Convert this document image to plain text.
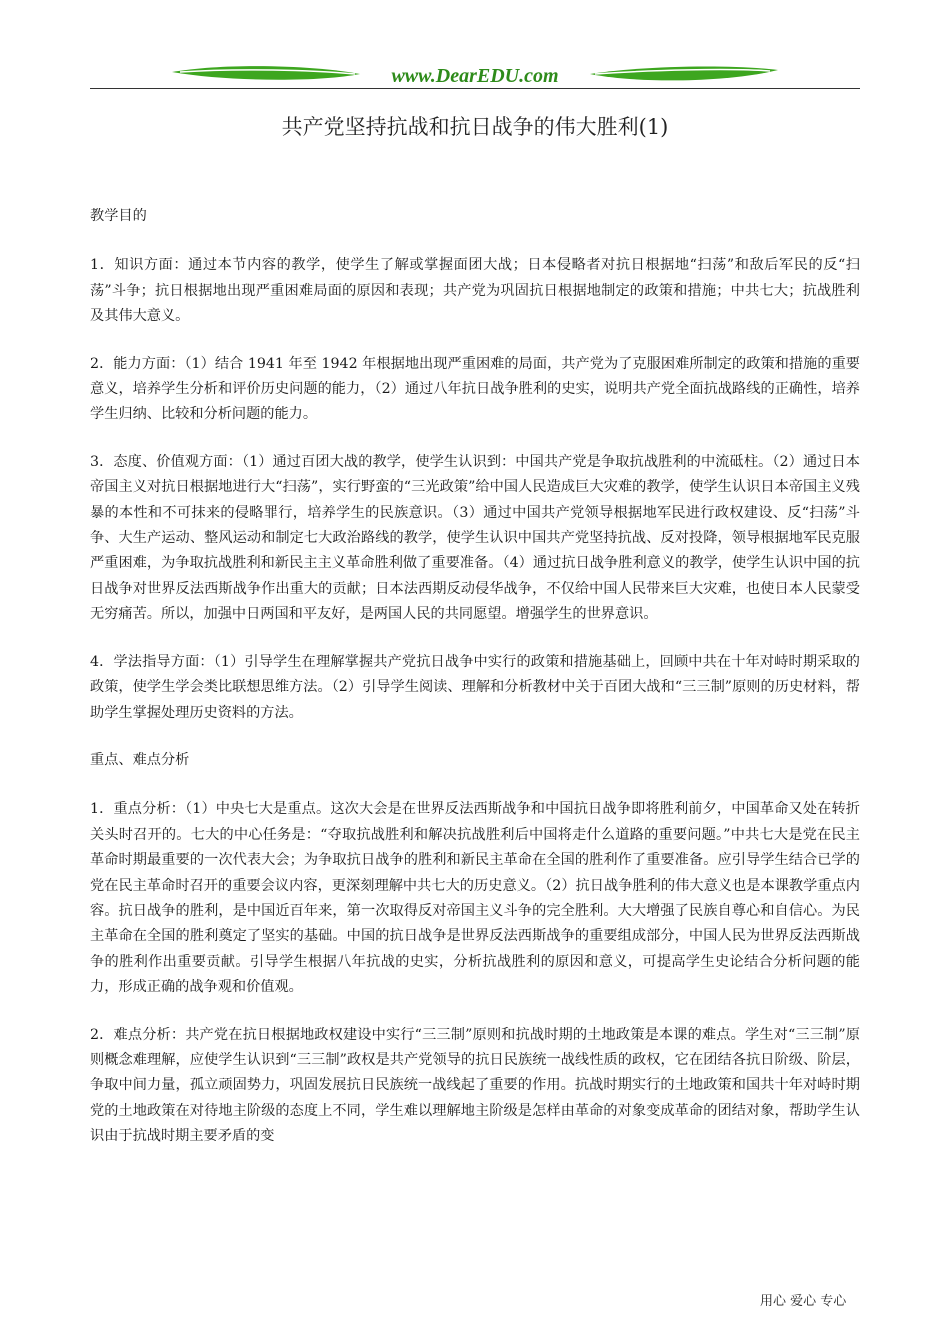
www.DearEDU.com
共产党坚持抗战和抗日战争的伟大胜利(1)

教学目的

1．知识方面：通过本节内容的教学，使学生了解或掌握面团大战；日本侵略者对抗日根据地“扫荡”和敌后军民的反“扫荡”斗争；抗日根据地出现严重困难局面的原因和表现；共产党为巩固抗日根据地制定的政策和措施；中共七大；抗战胜利及其伟大意义。

2．能力方面：（1）结合 1941 年至 1942 年根据地出现严重困难的局面，共产党为了克服困难所制定的政策和措施的重要意义，培养学生分析和评价历史问题的能力，（2）通过八年抗日战争胜利的史实，说明共产党全面抗战路线的正确性，培养学生归纳、比较和分析问题的能力。

3．态度、价值观方面：（1）通过百团大战的教学，使学生认识到：中国共产党是争取抗战胜利的中流砥柱。（2）通过日本帝国主义对抗日根据地进行大“扫荡”，实行野蛮的“三光政策”给中国人民造成巨大灾难的教学，使学生认识日本帝国主义残暴的本性和不可抹来的侵略罪行，培养学生的民族意识。（3）通过中国共产党领导根据地军民进行政权建设、反“扫荡”斗争、大生产运动、整风运动和制定七大政治路线的教学，使学生认识中国共产党坚持抗战、反对投降，领导根据地军民克服严重困难，为争取抗战胜利和新民主主义革命胜利做了重要准备。（4）通过抗日战争胜利意义的教学，使学生认识中国的抗日战争对世界反法西斯战争作出重大的贡献；日本法西期反动侵华战争，不仅给中国人民带来巨大灾难，也使日本人民蒙受无穷痛苦。所以，加强中日两国和平友好，是两国人民的共同愿望。增强学生的世界意识。

4．学法指导方面：（1）引导学生在理解掌握共产党抗日战争中实行的政策和措施基础上，回顾中共在十年对峙时期采取的政策，使学生学会类比联想思维方法。（2）引导学生阅读、理解和分析教材中关于百团大战和“三三制”原则的历史材料，帮助学生掌握处理历史资料的方法。

重点、难点分析

1．重点分析：（1）中央七大是重点。这次大会是在世界反法西斯战争和中国抗日战争即将胜利前夕，中国革命又处在转折关头时召开的。七大的中心任务是：“夺取抗战胜利和解决抗战胜利后中国将走什么道路的重要问题。”中共七大是党在民主革命时期最重要的一次代表大会；为争取抗日战争的胜利和新民主革命在全国的胜利作了重要准备。应引导学生结合已学的党在民主革命时召开的重要会议内容，更深刻理解中共七大的历史意义。（2）抗日战争胜利的伟大意义也是本课教学重点内容。抗日战争的胜利，是中国近百年来，第一次取得反对帝国主义斗争的完全胜利。大大增强了民族自尊心和自信心。为民主革命在全国的胜利奠定了坚实的基础。中国的抗日战争是世界反法西斯战争的重要组成部分，中国人民为世界反法西斯战争的胜利作出重要贡献。引导学生根据八年抗战的史实，分析抗战胜利的原因和意义，可提高学生史论结合分析问题的能力，形成正确的战争观和价值观。

2．难点分析：共产党在抗日根据地政权建设中实行“三三制”原则和抗战时期的土地政策是本课的难点。学生对“三三制”原则概念难理解，应使学生认识到“三三制”政权是共产党领导的抗日民族统一战线性质的政权，它在团结各抗日阶级、阶层，争取中间力量，孤立顽固势力，巩固发展抗日民族统一战线起了重要的作用。抗战时期实行的土地政策和国共十年对峙时期党的土地政策在对待地主阶级的态度上不同，学生难以理解地主阶级是怎样由革命的对象变成革命的团结对象，帮助学生认识由于抗战时期主要矛盾的变

用心 爱心 专心
